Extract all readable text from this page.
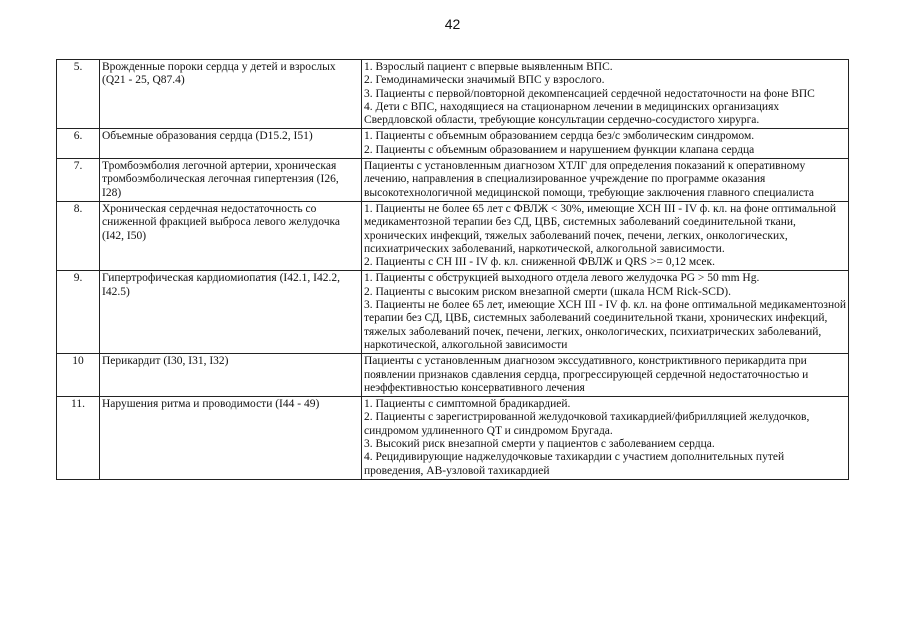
42
5.	Врожденные пороки сердца у детей и взрослых (Q21 - 25, Q87.4)	1. Взрослый пациент с впервые выявленным ВПС.
2. Гемодинамически значимый ВПС у взрослого.
3. Пациенты с первой/повторной декомпенсацией сердечной недостаточности на фоне ВПС
4. Дети с ВПС, находящиеся на стационарном лечении в медицинских организациях Свердловской области, требующие консультации сердечно-сосудистого хирурга.

6.	Объемные образования сердца (D15.2, I51)	1. Пациенты с объемным образованием сердца без/с эмболическим синдромом.
2. Пациенты с объемным образованием и нарушением функции клапана сердца

7.	Тромбоэмболия легочной артерии, хроническая тромбоэмболическая легочная гипертензия (I26, I28)	Пациенты с установленным диагнозом ХТЛГ для определения показаний к оперативному лечению, направления в специализированное учреждение по программе оказания высокотехнологичной медицинской помощи, требующие заключения главного специалиста

8.	Хроническая сердечная недостаточность со сниженной фракцией выброса левого желудочка (I42, I50)	1. Пациенты не более 65 лет с ФВЛЖ < 30%, имеющие ХСН III - IV ф. кл. на фоне оптимальной медикаментозной терапии без СД, ЦВБ, системных заболеваний соединительной ткани, хронических инфекций, тяжелых заболеваний почек, печени, легких, онкологических, психиатрических заболеваний, наркотической, алкогольной зависимости.
2. Пациенты с СН III - IV ф. кл. сниженной ФВЛЖ и QRS >= 0,12 мсек.

9.	Гипертрофическая кардиомиопатия (I42.1, I42.2, I42.5)	1. Пациенты с обструкцией выходного отдела левого желудочка PG > 50 mm Hg.
2. Пациенты с высоким риском внезапной смерти (шкала HCM Rick-SCD).
3. Пациенты не более 65 лет, имеющие ХСН III - IV ф. кл. на фоне оптимальной медикаментозной терапии без СД, ЦВБ, системных заболеваний соединительной ткани, хронических инфекций, тяжелых заболеваний почек, печени, легких, онкологических, психиатрических заболеваний, наркотической, алкогольной зависимости

10	Перикардит (I30, I31, I32)	Пациенты с установленным диагнозом экссудативного, констриктивного перикардита при появлении признаков сдавления сердца, прогрессирующей сердечной недостаточностью и неэффективностью консервативного лечения

11.	Нарушения ритма и проводимости (I44 - 49)	1. Пациенты с симптомной брадикардией.
2. Пациенты с зарегистрированной желудочковой тахикардией/фибрилляцией желудочков, синдромом удлиненного QT и синдромом Бругада.
3. Высокий риск внезапной смерти у пациентов с заболеванием сердца.
4. Рецидивирующие наджелудочковые тахикардии с участием дополнительных путей проведения, АВ-узловой тахикардией
